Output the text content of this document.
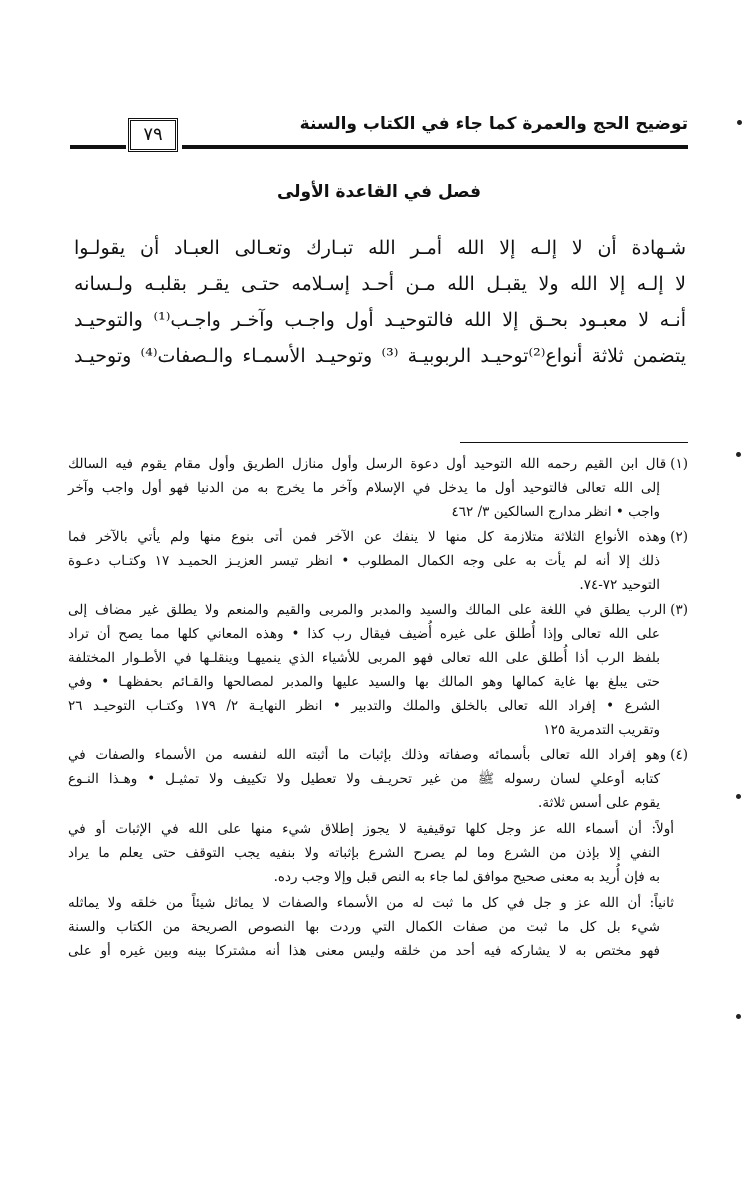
توضيح الحج والعمرة كما جاء في الكتاب والسنة
٧٩
فصل في القاعدة الأولى

شـهادة أن لا إلـه إلا الله أمـر الله تبـارك وتعـالى العبـاد أن يقولـوا

لا إلـه إلا الله ولا يقبـل الله مـن أحـد إسـلامه حتـى يقـر بقلبـه ولـسانه

أنـه لا معبـود بحـق إلا الله فالتوحيـد أول واجـب وآخـر واجـب⁽¹⁾ والتوحيـد

يتضمن ثلاثة أنواع⁽²⁾توحيـد الربوبيـة ⁽³⁾ وتوحيـد الأسمـاء والـصفات⁽⁴⁾ وتوحيـد

(١)قال ابن القيم رحمه الله التوحيد أول دعوة الرسل وأول منازل الطريق وأول مقام يقوم فيه السالك
إلى الله تعالى فالتوحيد أول ما يدخل في الإسلام وآخر ما يخرج به من الدنيا فهو أول واجب وآخر
واجب • انظر مدارج السالكين ٣/ ٤٦٢
(٢)وهذه الأنواع الثلاثة متلازمة كل منها لا ينفك عن الآخر فمن أتى بنوع منها ولم يأتي بالآخر فما
ذلك إلا أنه لم يأت به على وجه الكمال المطلوب • انظر تيسر العزيـز الحميـد ١٧ وكتـاب دعـوة
التوحيد ٧٢-٧٤.
(٣)الرب يطلق في اللغة على المالك والسيد والمدبر والمربى والقيم والمنعم ولا يطلق غير مضاف إلى
على الله تعالى وإذا أُطلق على غيره أُضيف فيقال رب كذا • وهذه المعاني كلها مما يصح أن تراد
بلفظ الرب أذا أُطلق على الله تعالى فهو المربى للأشياء الذي ينميهـا وينقلـها في الأطـوار المختلفة
حتى يبلغ بها غاية كمالها وهو المالك بها والسيد عليها والمدبر لمصالحها والقـائم بحفظهـا • وفي
الشرع • إفراد الله تعالى بالخلق والملك والتدبير • انظر النهايـة ٢/ ١٧٩ وكتـاب التوحيـد ٢٦
وتقريب التدمرية ١٢٥
(٤)وهو إفراد الله تعالى بأسمائه وصفاته وذلك بإثبات ما أثبته الله لنفسه من الأسماء والصفات في
كتابه أوعلي لسان رسوله ﷺ من غير تحريـف ولا تعطيل ولا تكييف ولا تمثيـل • وهـذا النـوع
يقوم على أسس ثلاثة.
أولاً: أن أسماء الله عز وجل كلها توقيفية لا يجوز إطلاق شيء منها على الله في الإثبات أو في
النفي إلا بإذن من الشرع وما لم يصرح الشرع بإثباته ولا بنفيه يجب التوقف حتى يعلم ما يراد
به فإن أُريد به معنى صحيح موافق لما جاء به النص قبل وإلا وجب رده.
ثانياً: أن الله عز و جل في كل ما ثبت له من الأسماء والصفات لا يماثل شيئاً من خلقه ولا يماثله
شيء بل كل ما ثبت من صفات الكمال التي وردت بها النصوص الصريحة من الكتاب والسنة
فهو مختص به لا يشاركه فيه أحد من خلقه وليس معنى هذا أنه مشتركا بينه وبين غيره أو على
